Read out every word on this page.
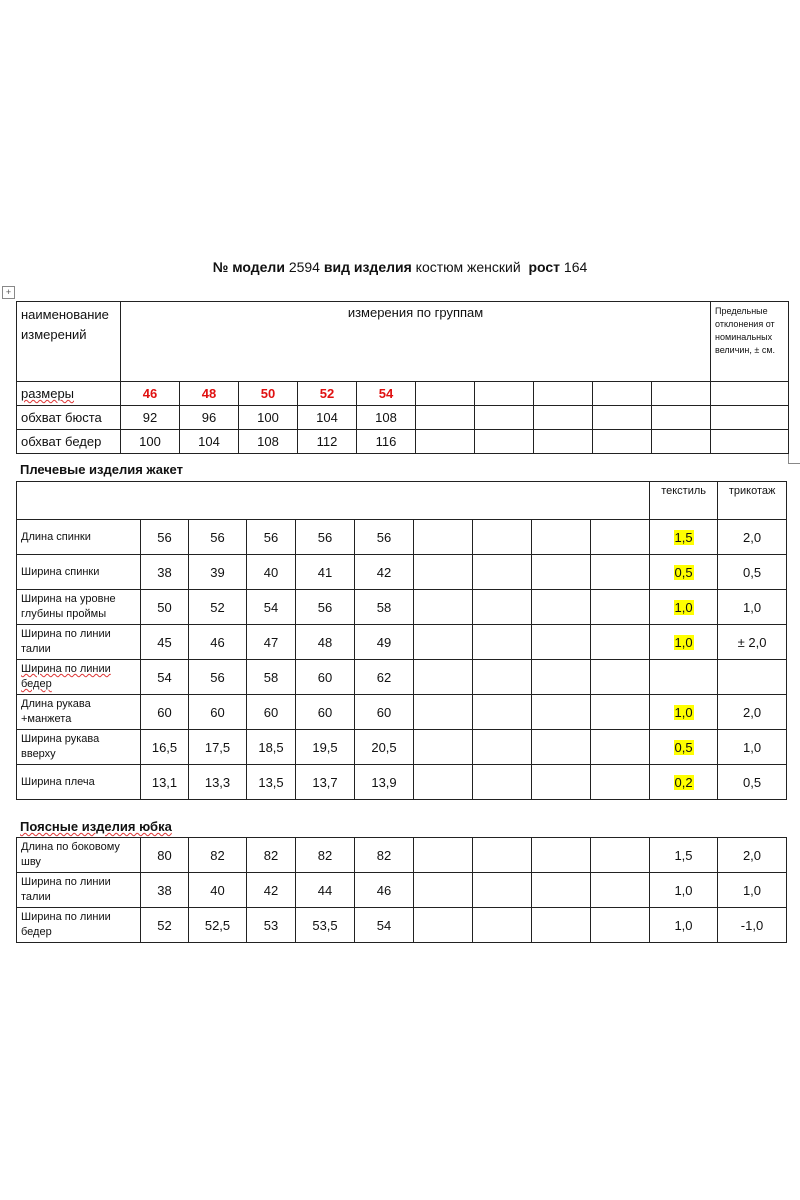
№ модели 2594 вид изделия костюм женский рост 164
+
наименование измерений	измерения по группам										Предельные отклонения от номинальных величин, ± см.
размеры	46	48	50	52	54						
обхват бюста	92	96	100	104	108						
обхват бедер	100	104	108	112	116						
Плечевые изделия жакет
										текстиль	трикотаж
Длина спинки	56	56	56	56	56					1,5	2,0
Ширина спинки	38	39	40	41	42					0,5	0,5
Ширина на уровне глубины проймы	50	52	54	56	58					1,0	1,0
Ширина по линии талии	45	46	47	48	49					1,0	± 2,0
Ширина по линии бедер	54	56	58	60	62						
Длина рукава +манжета	60	60	60	60	60					1,0	2,0
Ширина рукава вверху	16,5	17,5	18,5	19,5	20,5					0,5	1,0
Ширина плеча	13,1	13,3	13,5	13,7	13,9					0,2	0,5
Поясные изделия юбка
Длина по боковому шву	80	82	82	82	82					1,5	2,0
Ширина по линии талии	38	40	42	44	46					1,0	1,0
Ширина по линии бедер	52	52,5	53	53,5	54					1,0	-1,0
